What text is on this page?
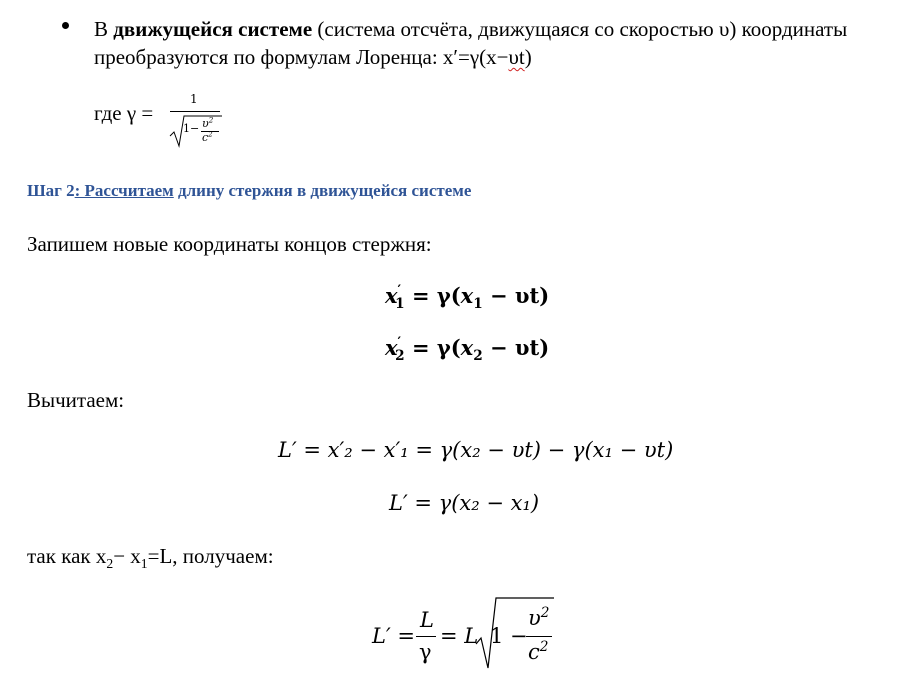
В движущейся системе (система отсчёта, движущаяся со скоростью υ) координаты
преобразуются по формулам Лоренца: x′=γ(x−υt)
где γ =
1
$1- \upsilon^2$
$c^2$
Шаг 2: Рассчитаем длину стержня в движущейся системе
Запишем новые координаты концов стержня:
$x'_1 = \gamma(x_1 - \upsilon t)$
$x'_2 = \gamma(x_2 - \upsilon t)$
Вычитаем:
L′ = x′₂ − x′₁ = γ(x₂ − υt) − γ(x₁ − υt)
L′ = γ(x₂ − x₁)
так как $x_2- x_1=L$, получаем:
L′ =
L
γ
= L 1 −
$\upsilon^2$
$c^2$
